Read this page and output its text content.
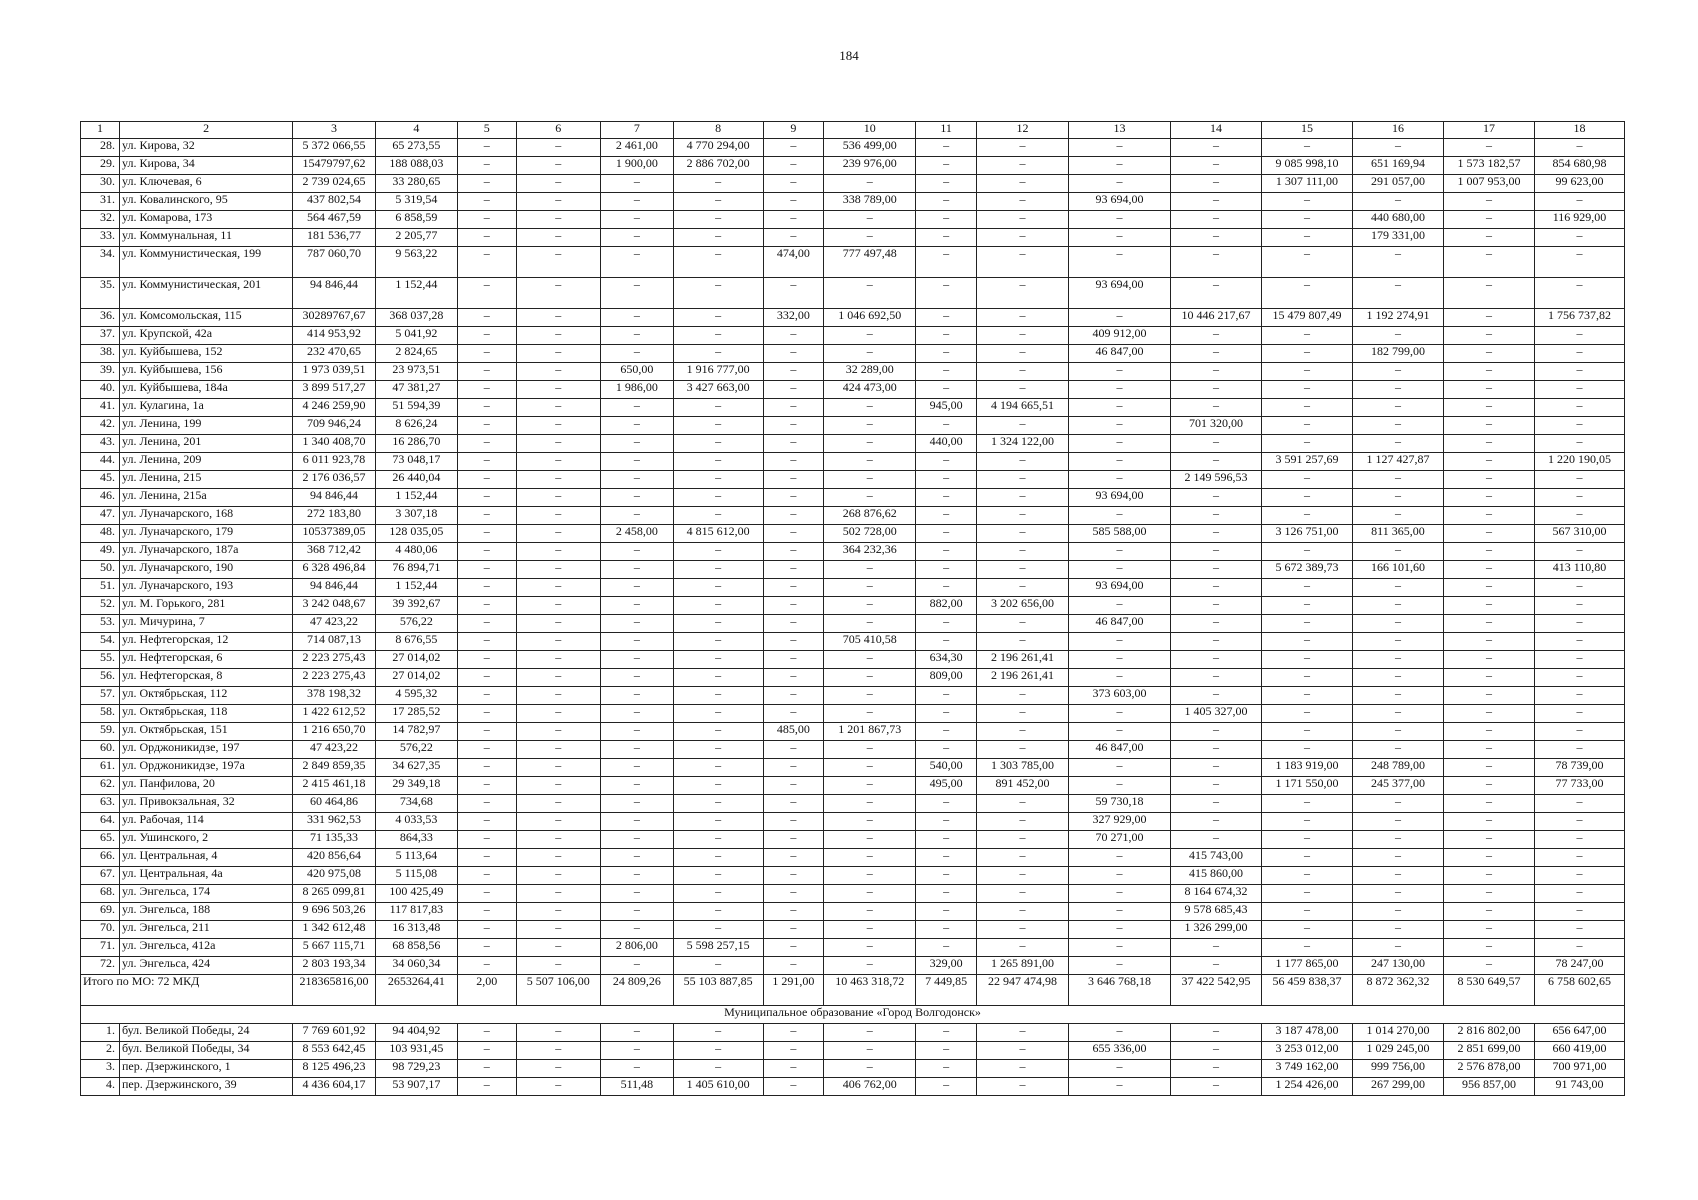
184
1	2	3	4	5	6	7	8	9	10	11	12	13	14	15	16	17	18
28.	ул. Кирова, 32	5 372 066,55	65 273,55	–	–	2 461,00	4 770 294,00	–	536 499,00	–	–	–	–	–	–	–	–
29.	ул. Кирова, 34	15479797,62	188 088,03	–	–	1 900,00	2 886 702,00	–	239 976,00	–	–	–	–	9 085 998,10	651 169,94	1 573 182,57	854 680,98
30.	ул. Ключевая, 6	2 739 024,65	33 280,65	–	–	–	–	–	–	–	–	–	–	1 307 111,00	291 057,00	1 007 953,00	99 623,00
31.	ул. Ковалинского, 95	437 802,54	5 319,54	–	–	–	–	–	338 789,00	–	–	93 694,00	–	–	–	–	–
32.	ул. Комарова, 173	564 467,59	6 858,59	–	–	–	–	–	–	–	–	–	–	–	440 680,00	–	116 929,00
33.	ул. Коммунальная, 11	181 536,77	2 205,77	–	–	–	–	–	–	–	–	–	–	–	179 331,00	–	–
34.	ул. Коммунистическая, 199	787 060,70	9 563,22	–	–	–	–	474,00	777 497,48	–	–	–	–	–	–	–	–
35.	ул. Коммунистическая, 201	94 846,44	1 152,44	–	–	–	–	–	–	–	–	93 694,00	–	–	–	–	–
36.	ул. Комсомольская, 115	30289767,67	368 037,28	–	–	–	–	332,00	1 046 692,50	–	–	–	10 446 217,67	15 479 807,49	1 192 274,91	–	1 756 737,82
37.	ул. Крупской, 42а	414 953,92	5 041,92	–	–	–	–	–	–	–	–	409 912,00	–	–	–	–	–
38.	ул. Куйбышева, 152	232 470,65	2 824,65	–	–	–	–	–	–	–	–	46 847,00	–	–	182 799,00	–	–
39.	ул. Куйбышева, 156	1 973 039,51	23 973,51	–	–	650,00	1 916 777,00	–	32 289,00	–	–	–	–	–	–	–	–
40.	ул. Куйбышева, 184а	3 899 517,27	47 381,27	–	–	1 986,00	3 427 663,00	–	424 473,00	–	–	–	–	–	–	–	–
41.	ул. Кулагина, 1а	4 246 259,90	51 594,39	–	–	–	–	–	–	945,00	4 194 665,51	–	–	–	–	–	–
42.	ул. Ленина, 199	709 946,24	8 626,24	–	–	–	–	–	–	–	–	–	701 320,00	–	–	–	–
43.	ул. Ленина, 201	1 340 408,70	16 286,70	–	–	–	–	–	–	440,00	1 324 122,00	–	–	–	–	–	–
44.	ул. Ленина, 209	6 011 923,78	73 048,17	–	–	–	–	–	–	–	–	–	–	3 591 257,69	1 127 427,87	–	1 220 190,05
45.	ул. Ленина, 215	2 176 036,57	26 440,04	–	–	–	–	–	–	–	–	–	2 149 596,53	–	–	–	–
46.	ул. Ленина, 215а	94 846,44	1 152,44	–	–	–	–	–	–	–	–	93 694,00	–	–	–	–	–
47.	ул. Луначарского, 168	272 183,80	3 307,18	–	–	–	–	–	268 876,62	–	–	–	–	–	–	–	–
48.	ул. Луначарского, 179	10537389,05	128 035,05	–	–	2 458,00	4 815 612,00	–	502 728,00	–	–	585 588,00	–	3 126 751,00	811 365,00	–	567 310,00
49.	ул. Луначарского, 187а	368 712,42	4 480,06	–	–	–	–	–	364 232,36	–	–	–	–	–	–	–	–
50.	ул. Луначарского, 190	6 328 496,84	76 894,71	–	–	–	–	–	–	–	–	–	–	5 672 389,73	166 101,60	–	413 110,80
51.	ул. Луначарского, 193	94 846,44	1 152,44	–	–	–	–	–	–	–	–	93 694,00	–	–	–	–	–
52.	ул. М. Горького, 281	3 242 048,67	39 392,67	–	–	–	–	–	–	882,00	3 202 656,00	–	–	–	–	–	–
53.	ул. Мичурина, 7	47 423,22	576,22	–	–	–	–	–	–	–	–	46 847,00	–	–	–	–	–
54.	ул. Нефтегорская, 12	714 087,13	8 676,55	–	–	–	–	–	705 410,58	–	–	–	–	–	–	–	–
55.	ул. Нефтегорская, 6	2 223 275,43	27 014,02	–	–	–	–	–	–	634,30	2 196 261,41	–	–	–	–	–	–
56.	ул. Нефтегорская, 8	2 223 275,43	27 014,02	–	–	–	–	–	–	809,00	2 196 261,41	–	–	–	–	–	–
57.	ул. Октябрьская, 112	378 198,32	4 595,32	–	–	–	–	–	–	–	–	373 603,00	–	–	–	–	–
58.	ул. Октябрьская, 118	1 422 612,52	17 285,52	–	–	–	–	–	–	–	–	–	1 405 327,00	–	–	–	–
59.	ул. Октябрьская, 151	1 216 650,70	14 782,97	–	–	–	–	485,00	1 201 867,73	–	–	–	–	–	–	–	–
60.	ул. Орджоникидзе, 197	47 423,22	576,22	–	–	–	–	–	–	–	–	46 847,00	–	–	–	–	–
61.	ул. Орджоникидзе, 197а	2 849 859,35	34 627,35	–	–	–	–	–	–	540,00	1 303 785,00	–	–	1 183 919,00	248 789,00	–	78 739,00
62.	ул. Панфилова, 20	2 415 461,18	29 349,18	–	–	–	–	–	–	495,00	891 452,00	–	–	1 171 550,00	245 377,00	–	77 733,00
63.	ул. Привокзальная, 32	60 464,86	734,68	–	–	–	–	–	–	–	–	59 730,18	–	–	–	–	–
64.	ул. Рабочая, 114	331 962,53	4 033,53	–	–	–	–	–	–	–	–	327 929,00	–	–	–	–	–
65.	ул. Ушинского, 2	71 135,33	864,33	–	–	–	–	–	–	–	–	70 271,00	–	–	–	–	–
66.	ул. Центральная, 4	420 856,64	5 113,64	–	–	–	–	–	–	–	–	–	415 743,00	–	–	–	–
67.	ул. Центральная, 4а	420 975,08	5 115,08	–	–	–	–	–	–	–	–	–	415 860,00	–	–	–	–
68.	ул. Энгельса, 174	8 265 099,81	100 425,49	–	–	–	–	–	–	–	–	–	8 164 674,32	–	–	–	–
69.	ул. Энгельса, 188	9 696 503,26	117 817,83	–	–	–	–	–	–	–	–	–	9 578 685,43	–	–	–	–
70.	ул. Энгельса, 211	1 342 612,48	16 313,48	–	–	–	–	–	–	–	–	–	1 326 299,00	–	–	–	–
71.	ул. Энгельса, 412а	5 667 115,71	68 858,56	–	–	2 806,00	5 598 257,15	–	–	–	–	–	–	–	–	–	–
72.	ул. Энгельса, 424	2 803 193,34	34 060,34	–	–	–	–	–	–	329,00	1 265 891,00	–	–	1 177 865,00	247 130,00	–	78 247,00
Итого по МО: 72 МКД		218365816,00	2653264,41	2,00	5 507 106,00	24 809,26	55 103 887,85	1 291,00	10 463 318,72	7 449,85	22 947 474,98	3 646 768,18	37 422 542,95	56 459 838,37	8 872 362,32	8 530 649,57	6 758 602,65
Муниципальное образование «Город Волгодонск»																	
1.	бул. Великой Победы, 24	7 769 601,92	94 404,92	–	–	–	–	–	–	–	–	–	–	3 187 478,00	1 014 270,00	2 816 802,00	656 647,00
2.	бул. Великой Победы, 34	8 553 642,45	103 931,45	–	–	–	–	–	–	–	–	655 336,00	–	3 253 012,00	1 029 245,00	2 851 699,00	660 419,00
3.	пер. Дзержинского, 1	8 125 496,23	98 729,23	–	–	–	–	–	–	–	–	–	–	3 749 162,00	999 756,00	2 576 878,00	700 971,00
4.	пер. Дзержинского, 39	4 436 604,17	53 907,17	–	–	511,48	1 405 610,00	–	406 762,00	–	–	–	–	1 254 426,00	267 299,00	956 857,00	91 743,00
